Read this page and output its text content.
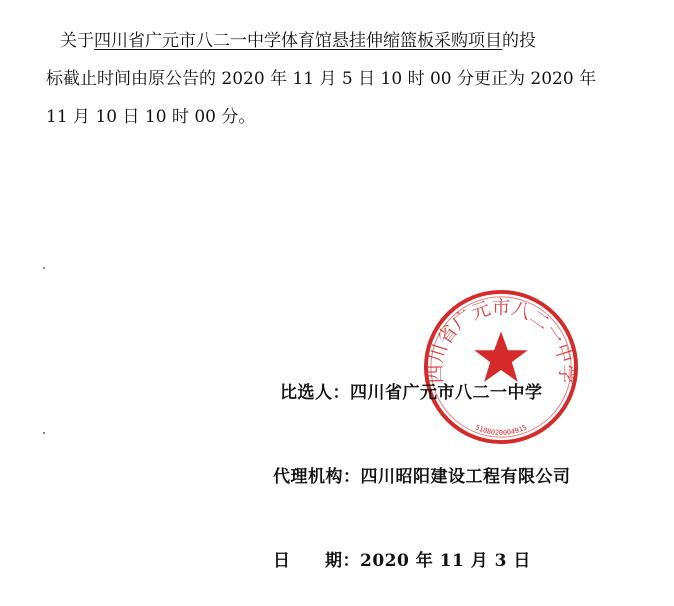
关于四川省广元市八二一中学体育馆悬挂伸缩篮板采购项目的投
标截止时间由原公告的 2020 年 11 月 5 日 10 时 00 分更正为 2020 年
11 月 10 日 10 时 00 分。
四川省广元市八二一中学
5108020004915
比选人：四川省广元市八二一中学
代理机构：四川昭阳建设工程有限公司
日 期：2020 年 11 月 3 日
